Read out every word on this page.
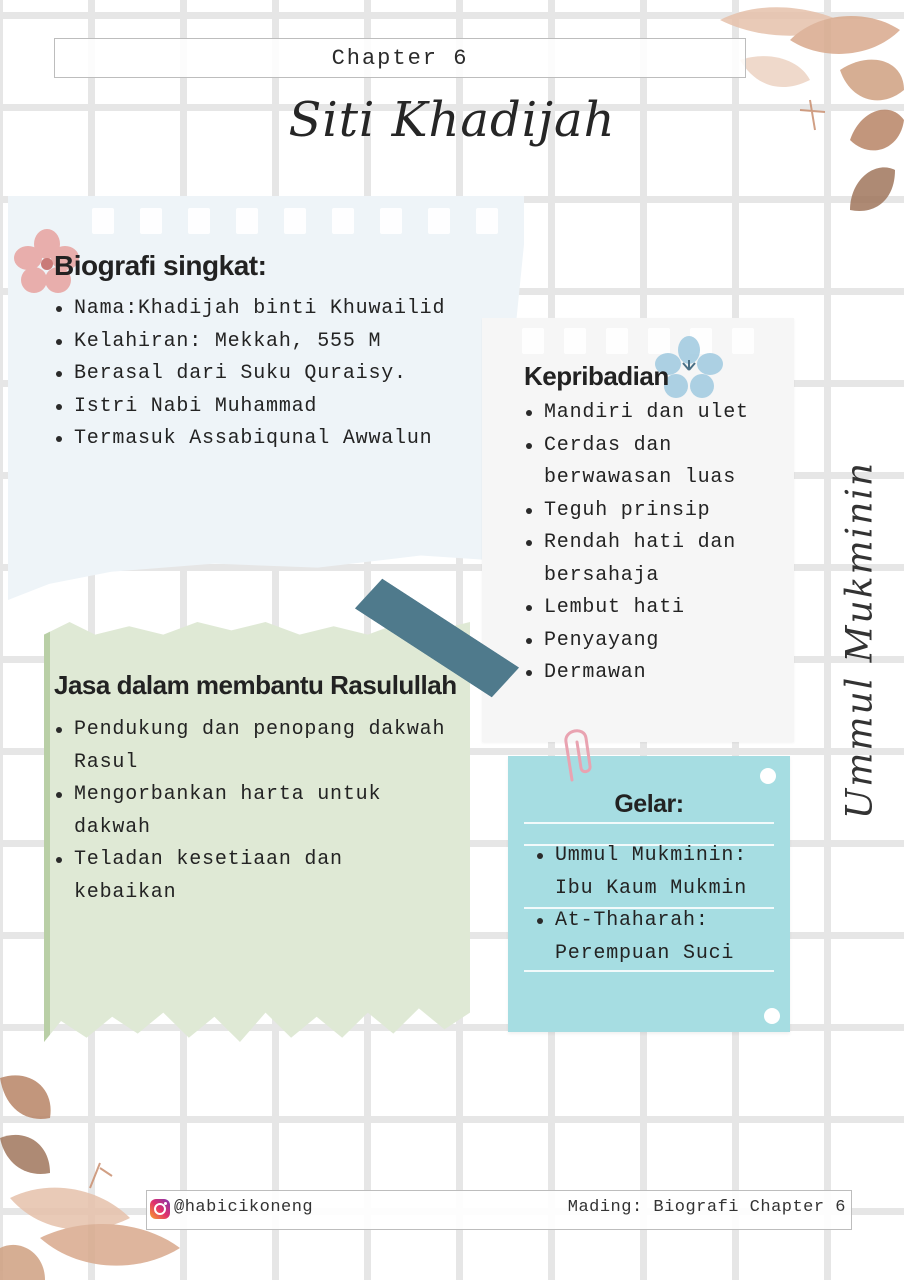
Chapter 6
Siti Khadijah
Biografi singkat:
Nama:Khadijah binti Khuwailid
Kelahiran: Mekkah, 555 M
Berasal dari Suku Quraisy.
Istri Nabi Muhammad
Termasuk Assabiqunal Awwalun
Kepribadian
Mandiri dan ulet
Cerdas dan berwawasan luas
Teguh prinsip
Rendah hati dan bersahaja
Lembut hati
Penyayang
Dermawan
Jasa dalam membantu Rasulullah
Pendukung dan penopang dakwah Rasul
Mengorbankan harta untuk dakwah
Teladan kesetiaan dan kebaikan
Gelar:
Ummul Mukminin: Ibu Kaum Mukmin
At-Thaharah: Perempuan Suci
Ummul Mukminin
@habicikoneng	Mading: Biografi Chapter 6
